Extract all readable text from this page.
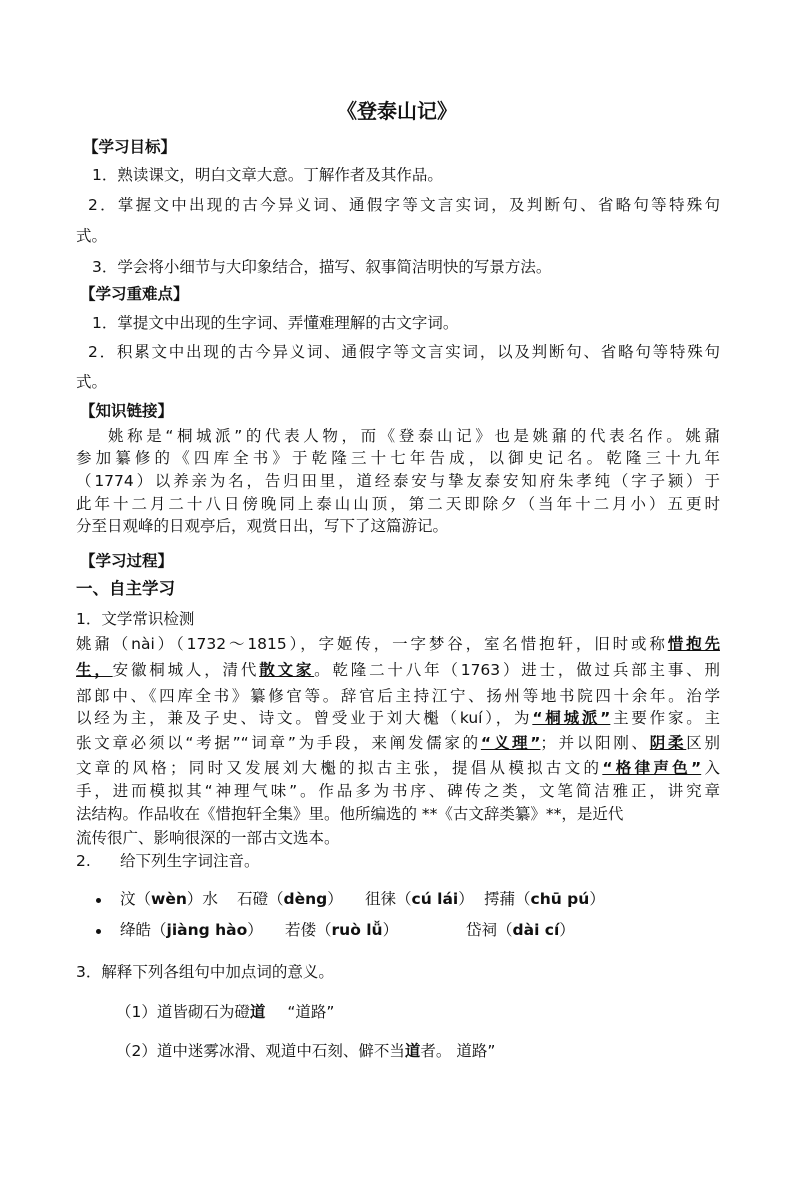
《登泰山记》
【学习目标】
1．熟读课文，明白文章大意。丁解作者及其作品。
2．掌握文中出现的古今异义词、通假字等文言实词，及判断句、省略句等特殊句
式。
3．学会将小细节与大印象结合，描写、叙事简洁明快的写景方法。
【学习重难点】
1．掌提文中出现的生字词、弄懂难理解的古文字词。
2．积累文中出现的古今异义词、通假字等文言实词，以及判断句、省略句等特殊句
式。
【知识链接】
姚称是“桐城派”的代表人物，而《登泰山记》也是姚鼐的代表名作。姚鼐
参加纂修的《四库全书》于乾隆三十七年告成，以御史记名。乾隆三十九年
（1774）以养亲为名，告归田里，道经泰安与挚友泰安知府朱孝纯（字子颍）于
此年十二月二十八日傍晚同上泰山山顶，第二天即除夕（当年十二月小）五更时
分至日观峰的日观亭后，观赏日出，写下了这篇游记。
【学习过程】
一、自主学习
1．文学常识检测
姚鼐（nài）（1732～1815），字姬传，一字梦谷，室名惜抱轩，旧时或称惜抱先
生，安徽桐城人，清代散文家。乾隆二十八年（1763）进士，做过兵部主事、刑
部郎中、《四库全书》纂修官等。辞官后主持江宁、扬州等地书院四十余年。治学
以经为主，兼及子史、诗文。曾受业于刘大櫆（kuí），为“桐城派”主要作家。主
张文章必须以“考据”“词章”为手段，来阐发儒家的“义理”；并以阳刚、阴柔区别
文章的风格；同时又发展刘大櫆的拟古主张，提倡从模拟古文的“格律声色”入
手，进而模拟其“神理气味”。作品多为书序、碑传之类，文笔简洁雅正，讲究章
法结构。作品收在《惜抱轩全集》里。他所编选的 **《古文辞类纂》**，是近代
流传很广、影响很深的一部古文选本。
2. 给下列生字词注音。
汶（wèn）水 石磴（dèng） 徂徕（cú lái） 摴蒱（chū pú）
绛皓（jiàng hào） 若偻（ruò lǚ）	岱祠（dài cí）
3．解释下列各组句中加点词的意义。
（1）道皆砌石为磴道 “道路”
（2）道中迷雾冰滑、观道中石刻、僻不当道者。 道路”
